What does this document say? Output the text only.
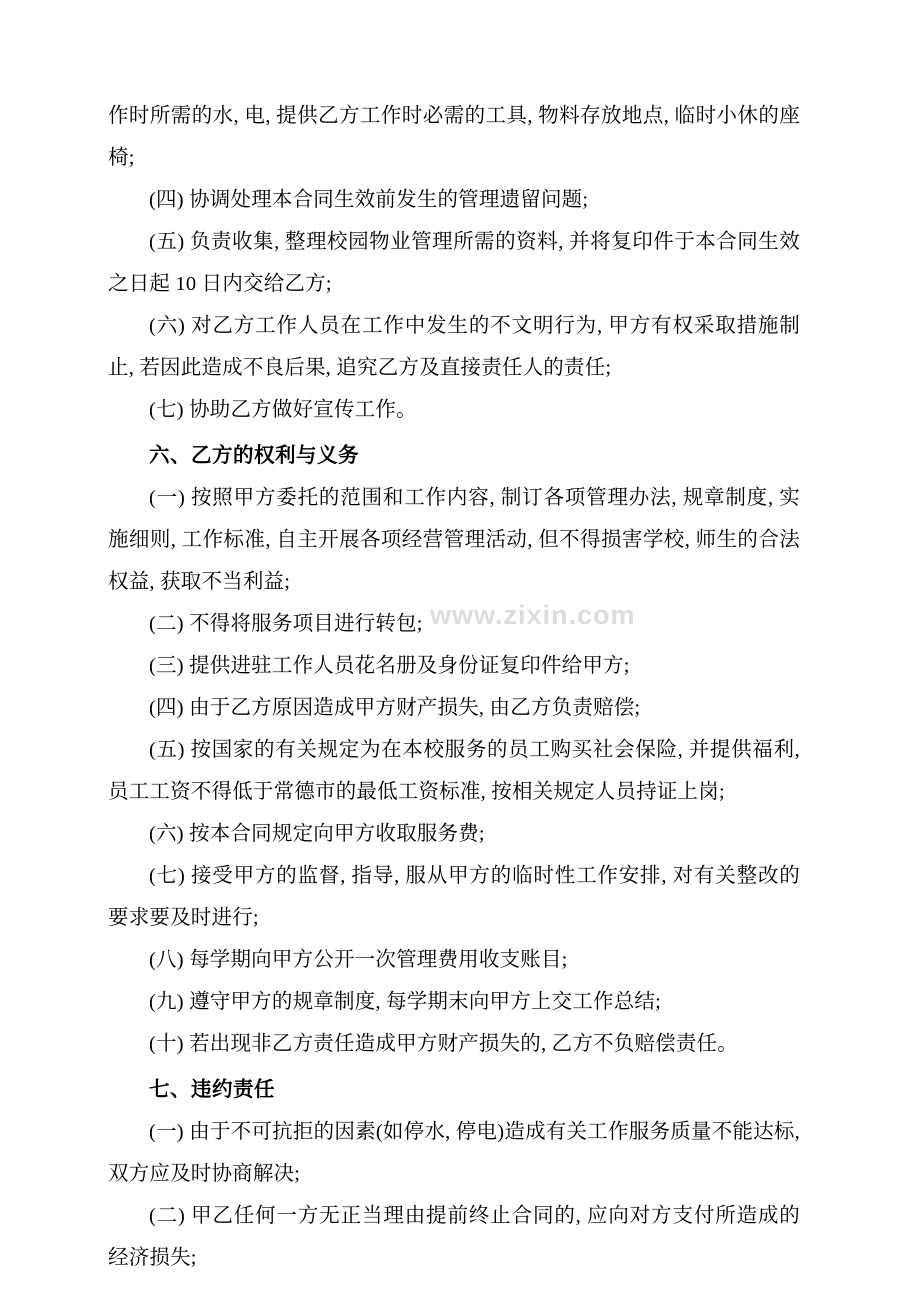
www.zixin.com

作时所需的水, 电, 提供乙方工作时必需的工具, 物料存放地点, 临时小休的座椅;

(四) 协调处理本合同生效前发生的管理遗留问题;

(五) 负责收集, 整理校园物业管理所需的资料, 并将复印件于本合同生效之日起 10 日内交给乙方;

(六) 对乙方工作人员在工作中发生的不文明行为, 甲方有权采取措施制止, 若因此造成不良后果, 追究乙方及直接责任人的责任;

(七) 协助乙方做好宣传工作。

六、乙方的权利与义务

(一) 按照甲方委托的范围和工作内容, 制订各项管理办法, 规章制度, 实施细则, 工作标准, 自主开展各项经营管理活动, 但不得损害学校, 师生的合法权益, 获取不当利益;

(二) 不得将服务项目进行转包;

(三) 提供进驻工作人员花名册及身份证复印件给甲方;

(四) 由于乙方原因造成甲方财产损失, 由乙方负责赔偿;

(五) 按国家的有关规定为在本校服务的员工购买社会保险, 并提供福利, 员工工资不得低于常德市的最低工资标准, 按相关规定人员持证上岗;

(六) 按本合同规定向甲方收取服务费;

(七) 接受甲方的监督, 指导, 服从甲方的临时性工作安排, 对有关整改的要求要及时进行;

(八) 每学期向甲方公开一次管理费用收支账目;

(九) 遵守甲方的规章制度, 每学期末向甲方上交工作总结;

(十) 若出现非乙方责任造成甲方财产损失的, 乙方不负赔偿责任。

七、违约责任

(一) 由于不可抗拒的因素(如停水, 停电)造成有关工作服务质量不能达标, 双方应及时协商解决;

(二) 甲乙任何一方无正当理由提前终止合同的, 应向对方支付所造成的经济损失;
